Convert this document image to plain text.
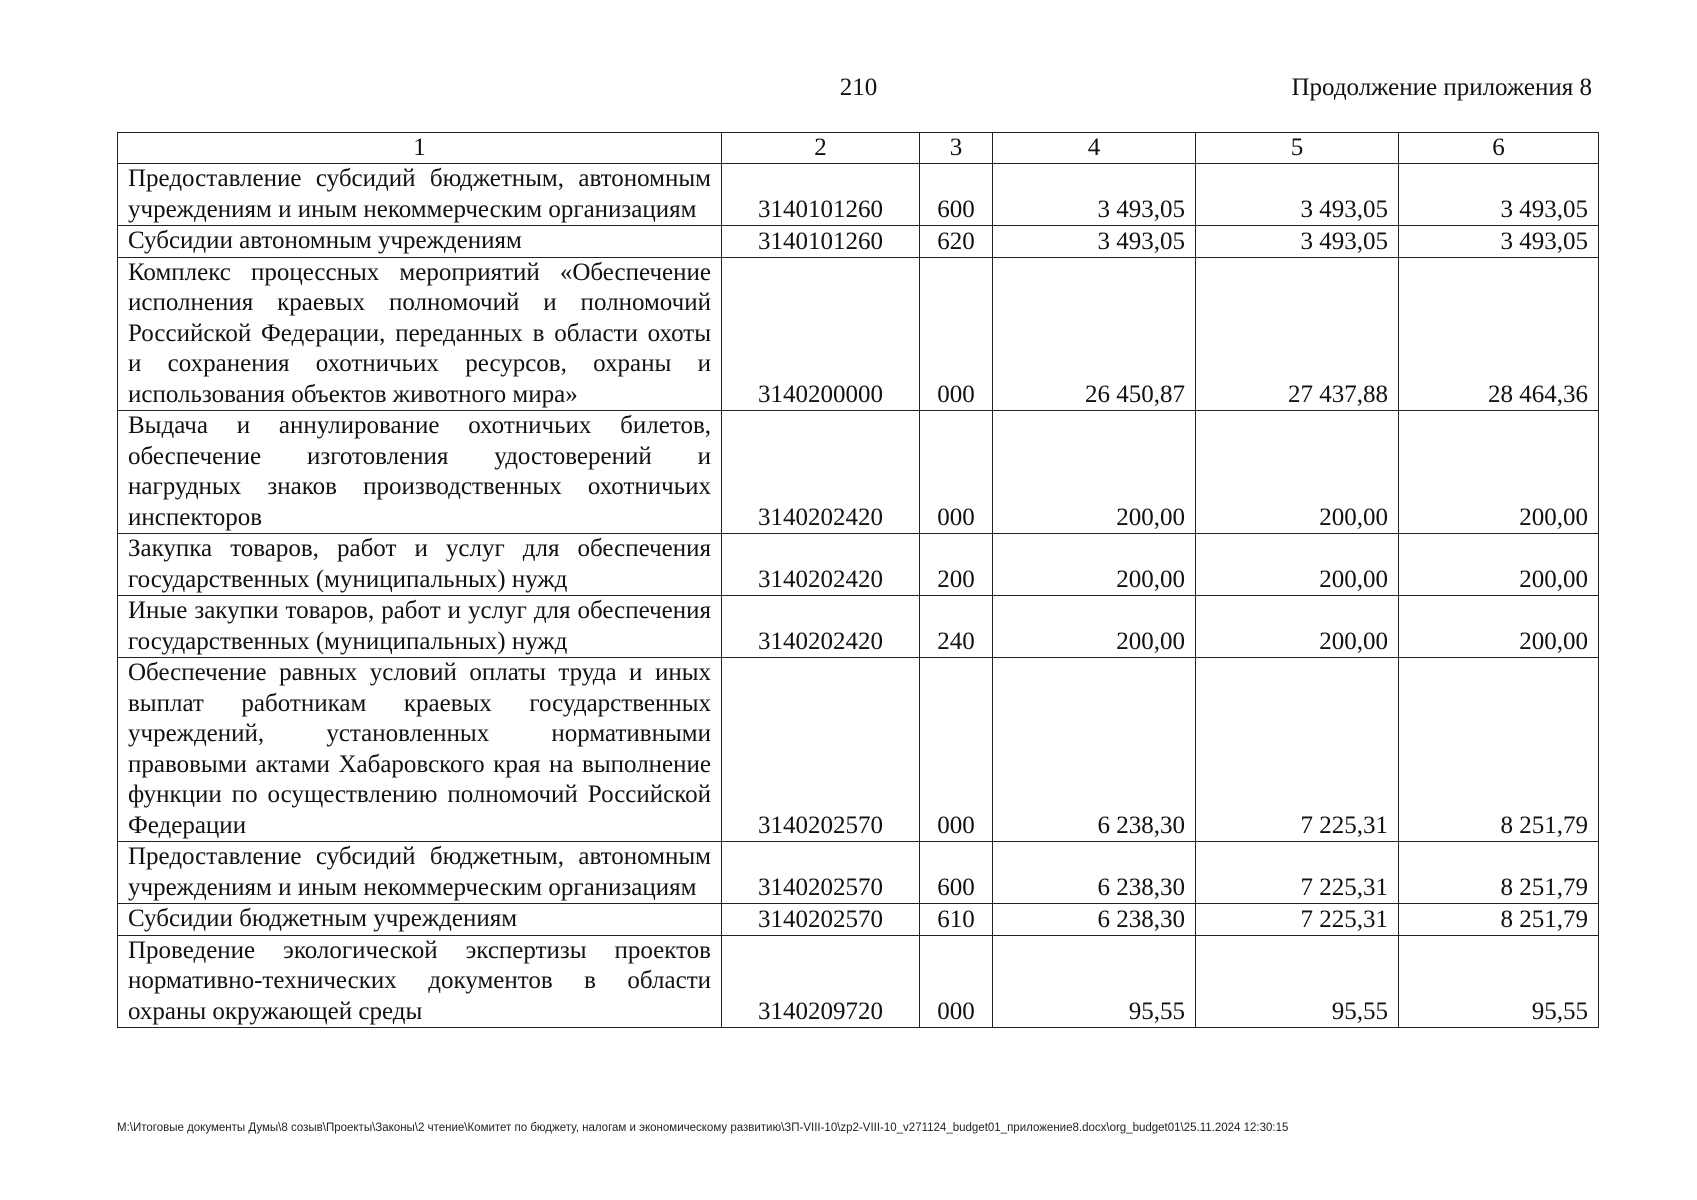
210	Продолжение приложения 8
1	2	3	4	5	6
Предоставление субсидий бюджетным, автономным учреждениям и иным некоммерческим организациям	3140101260	600	3 493,05	3 493,05	3 493,05
Субсидии автономным учреждениям	3140101260	620	3 493,05	3 493,05	3 493,05
Комплекс процессных мероприятий «Обеспечение исполнения краевых полномочий и полномочий Российской Федерации, переданных в области охоты и сохранения охотничьих ресурсов, охраны и использования объектов животного мира»	3140200000	000	26 450,87	27 437,88	28 464,36
Выдача и аннулирование охотничьих билетов, обеспечение изготовления удостоверений и нагрудных знаков производственных охотничьих инспекторов	3140202420	000	200,00	200,00	200,00
Закупка товаров, работ и услуг для обеспечения государственных (муниципальных) нужд	3140202420	200	200,00	200,00	200,00
Иные закупки товаров, работ и услуг для обеспечения государственных (муниципальных) нужд	3140202420	240	200,00	200,00	200,00
Обеспечение равных условий оплаты труда и иных выплат работникам краевых государственных учреждений, установленных нормативными правовыми актами Хабаровского края на выполнение функции по осуществлению полномочий Российской Федерации	3140202570	000	6 238,30	7 225,31	8 251,79
Предоставление субсидий бюджетным, автономным учреждениям и иным некоммерческим организациям	3140202570	600	6 238,30	7 225,31	8 251,79
Субсидии бюджетным учреждениям	3140202570	610	6 238,30	7 225,31	8 251,79
Проведение экологической экспертизы проектов нормативно-технических документов в области охраны окружающей среды	3140209720	000	95,55	95,55	95,55
М:\Итоговые документы Думы\8 созыв\Проекты\Законы\2 чтение\Комитет по бюджету, налогам и экономическому развитию\ЗП-VIII-10\zp2-VIII-10_v271124_budget01_приложение8.docx\org_budget01\25.11.2024 12:30:15
